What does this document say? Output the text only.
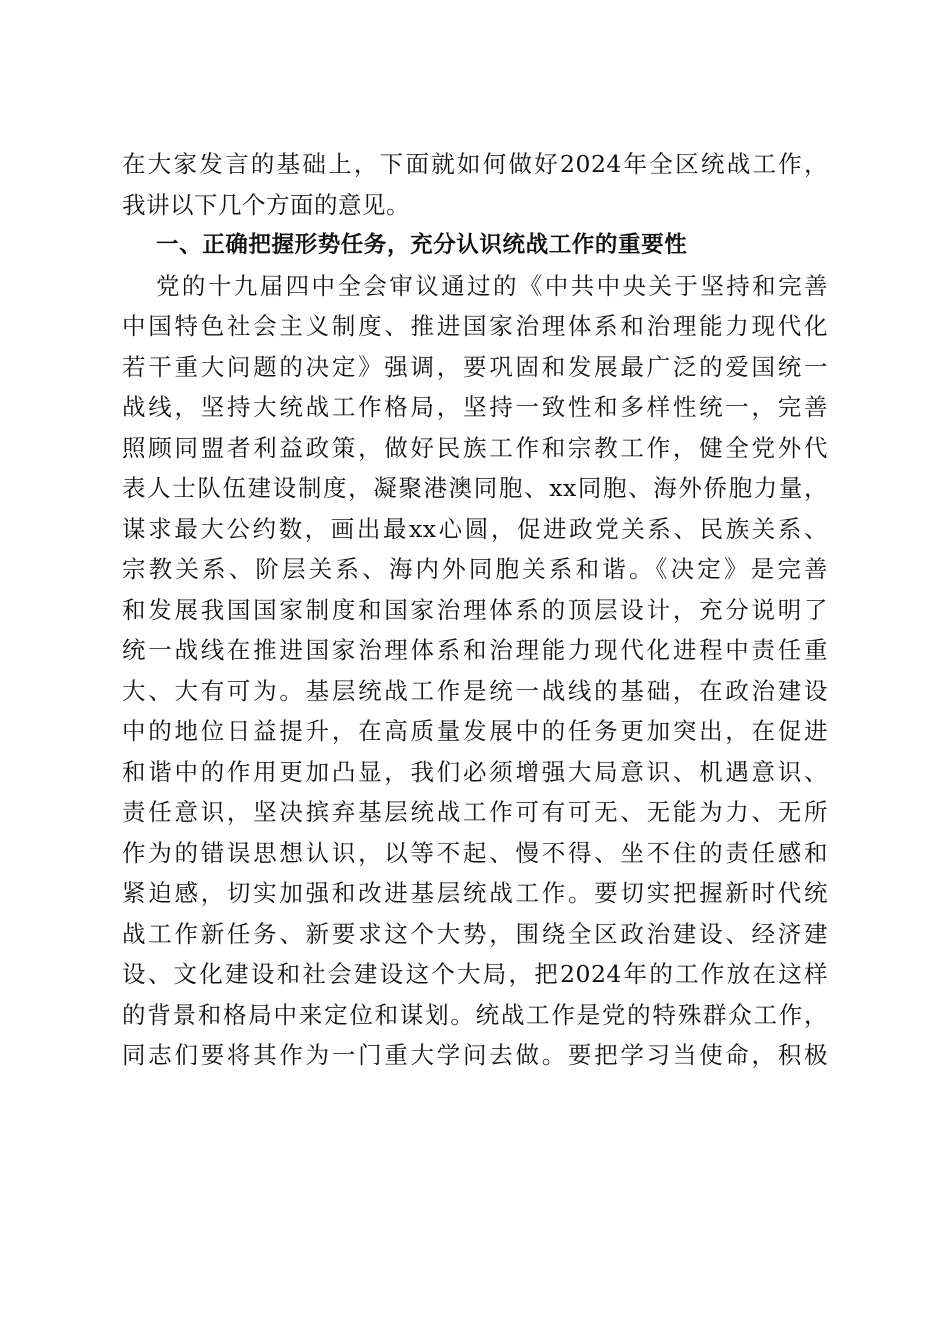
在大家发言的基础上，下面就如何做好2024年全区统战工作，
我讲以下几个方面的意见。
一、正确把握形势任务，充分认识统战工作的重要性
党的十九届四中全会审议通过的《中共中央关于坚持和完善
中国特色社会主义制度、推进国家治理体系和治理能力现代化
若干重大问题的决定》强调，要巩固和发展最广泛的爱国统一
战线，坚持大统战工作格局，坚持一致性和多样性统一，完善
照顾同盟者利益政策，做好民族工作和宗教工作，健全党外代
表人士队伍建设制度，凝聚港澳同胞、xx同胞、海外侨胞力量，
谋求最大公约数，画出最xx心圆，促进政党关系、民族关系、
宗教关系、阶层关系、海内外同胞关系和谐。《决定》是完善
和发展我国国家制度和国家治理体系的顶层设计，充分说明了
统一战线在推进国家治理体系和治理能力现代化进程中责任重
大、大有可为。基层统战工作是统一战线的基础，在政治建设
中的地位日益提升，在高质量发展中的任务更加突出，在促进
和谐中的作用更加凸显，我们必须增强大局意识、机遇意识、
责任意识，坚决摈弃基层统战工作可有可无、无能为力、无所
作为的错误思想认识，以等不起、慢不得、坐不住的责任感和
紧迫感，切实加强和改进基层统战工作。要切实把握新时代统
战工作新任务、新要求这个大势，围绕全区政治建设、经济建
设、文化建设和社会建设这个大局，把2024年的工作放在这样
的背景和格局中来定位和谋划。统战工作是党的特殊群众工作，
同志们要将其作为一门重大学问去做。要把学习当使命，积极
